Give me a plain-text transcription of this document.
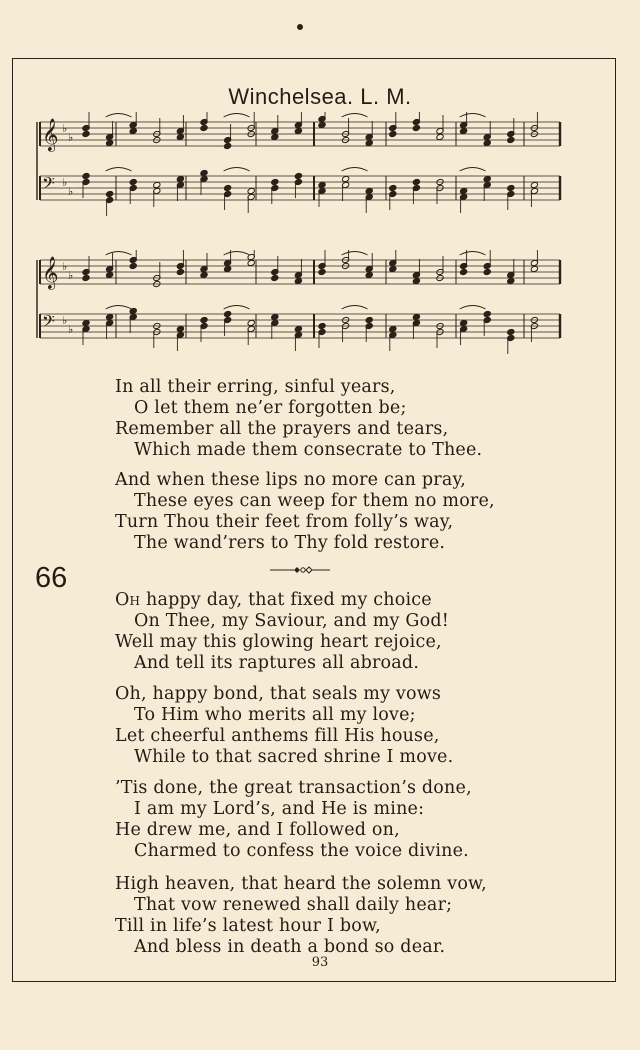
Winchelsea. L. M.
𝄞 ♭
♭
𝄢 ♭
♭
𝄞 ♭
♭
𝄢 ♭
♭
In all their erring, sinful years,
O let them ne’er forgotten be;
Remember all the prayers and tears,
Which made them consecrate to Thee.
And when these lips no more can pray,
These eyes can weep for them no more,
Turn Thou their feet from folly’s way,
The wand’rers to Thy fold restore.
66
Oh happy day, that fixed my choice
On Thee, my Saviour, and my God!
Well may this glowing heart rejoice,
And tell its raptures all abroad.
Oh, happy bond, that seals my vows
To Him who merits all my love;
Let cheerful anthems fill His house,
While to that sacred shrine I move.
’Tis done, the great transaction’s done,
I am my Lord’s, and He is mine:
He drew me, and I followed on,
Charmed to confess the voice divine.
High heaven, that heard the solemn vow,
That vow renewed shall daily hear;
Till in life’s latest hour I bow,
And bless in death a bond so dear.
93
